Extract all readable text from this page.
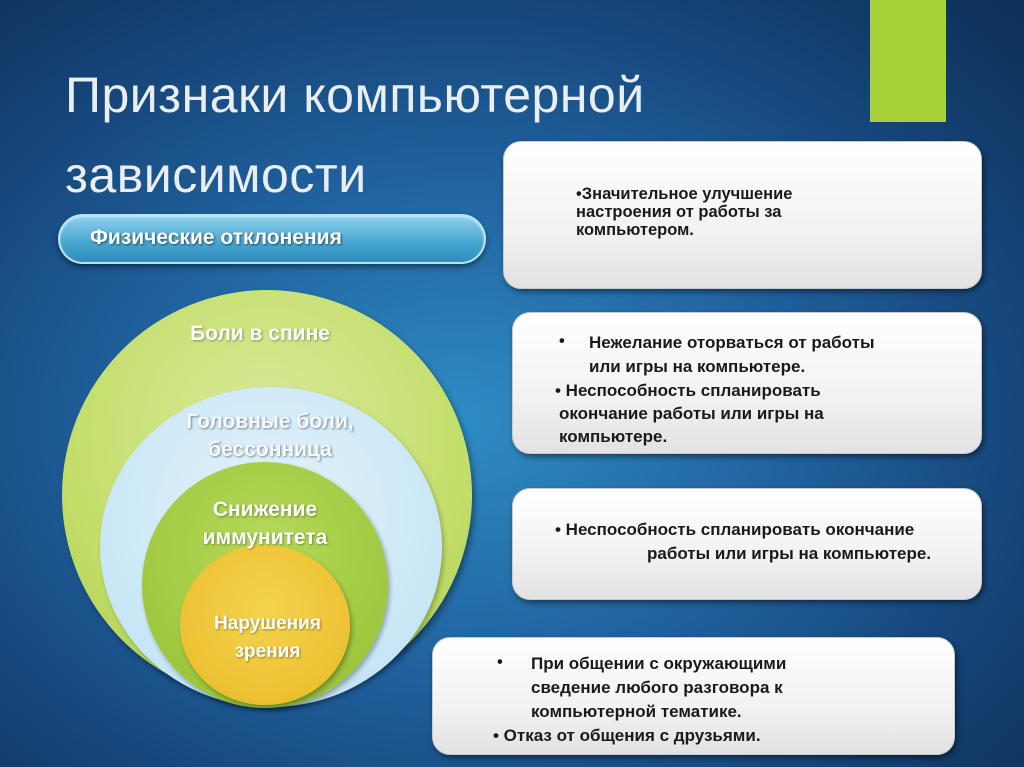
Признаки компьютерной
зависимости
Физические отклонения
Боли в спине
Головные боли,
бессонница
Снижение
иммунитета
Нарушения
зрения
•Значительное улучшение
настроения от работы за
компьютером.
• Нежелание оторваться от работы
или игры на компьютере.
• Неспособность спланировать
окончание работы или игры на
компьютере.
• Неспособность спланировать окончание
работы или игры на компьютере.
• При общении с окружающими
сведение любого разговора к
компьютерной тематике.
• Отказ от общения с друзьями.
